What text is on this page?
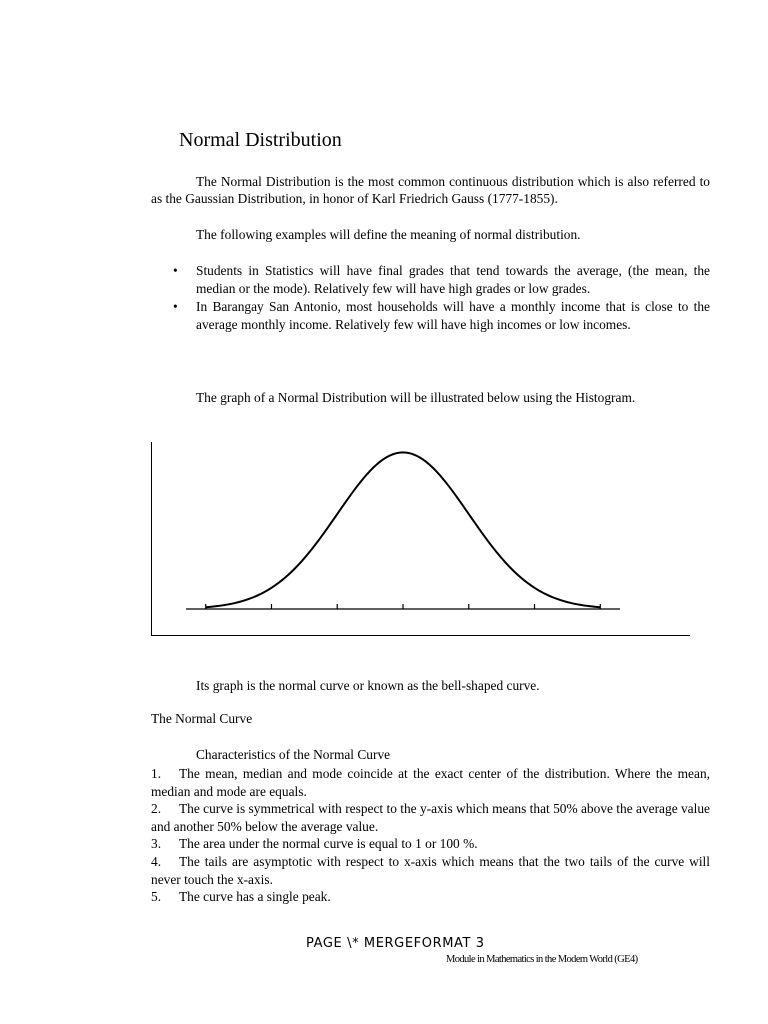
Normal Distribution

The Normal Distribution is the most common continuous distribution which is also referred to as the Gaussian Distribution, in honor of Karl Friedrich Gauss (1777-1855).

The following examples will define the meaning of normal distribution.

• Students in Statistics will have final grades that tend towards the average, (the mean, the median or the mode). Relatively few will have high grades or low grades.
• In Barangay San Antonio, most households will have a monthly income that is close to the average monthly income. Relatively few will have high incomes or low incomes.

The graph of a Normal Distribution will be illustrated below using the Histogram.

Its graph is the normal curve or known as the bell-shaped curve.

The Normal Curve
Characteristics of the Normal Curve
1. The mean, median and mode coincide at the exact center of the distribution. Where the mean, median and mode are equals.
2. The curve is symmetrical with respect to the y-axis which means that 50% above the average value and another 50% below the average value.
3. The area under the normal curve is equal to 1 or 100 %.
4. The tails are asymptotic with respect to x-axis which means that the two tails of the curve will never touch the x-axis.
5. The curve has a single peak.
PAGE \* MERGEFORMAT 3
Module in Mathematics in the Modern World (GE4)
